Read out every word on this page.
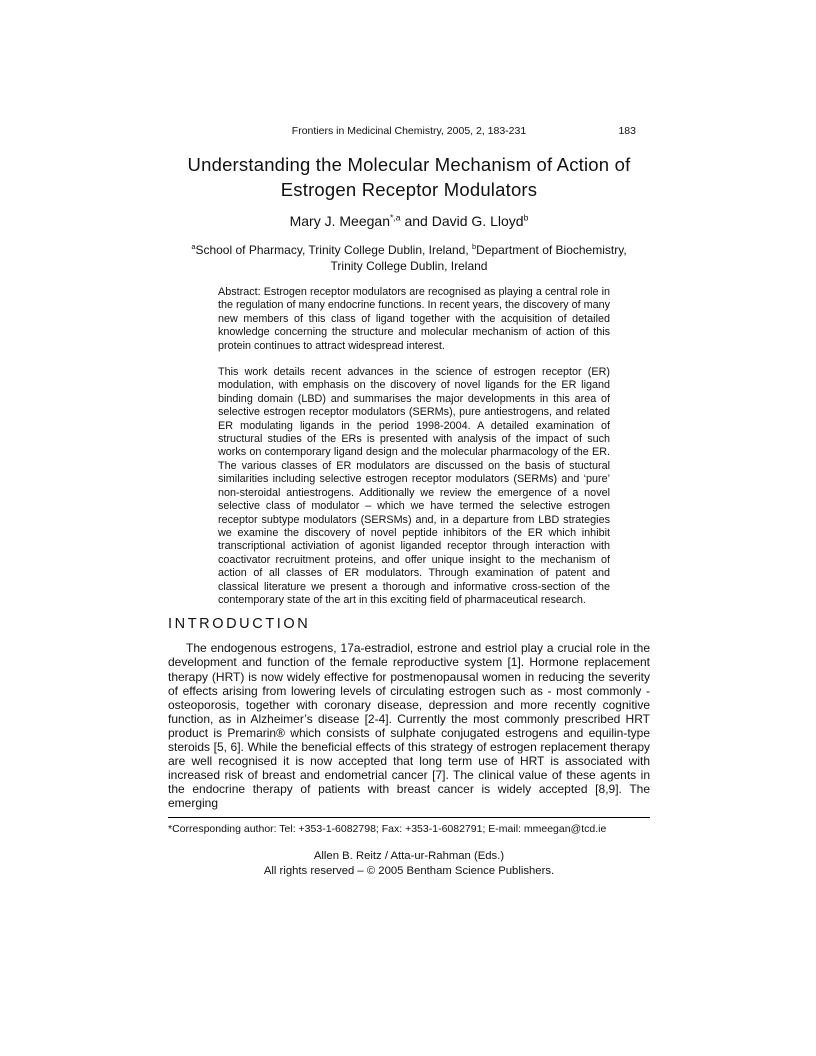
Frontiers in Medicinal Chemistry, 2005, 2, 183-231	183
Understanding the Molecular Mechanism of Action of
Estrogen Receptor Modulators
Mary J. Meegan$^{*,a}$ and David G. Lloyd$^b$
$^a$School of Pharmacy, Trinity College Dublin, Ireland, $^b$Department of Biochemistry,
Trinity College Dublin, Ireland

Abstract: Estrogen receptor modulators are recognised as playing a central role in the regulation of many endocrine functions. In recent years, the discovery of many new members of this class of ligand together with the acquisition of detailed knowledge concerning the structure and molecular mechanism of action of this protein continues to attract widespread interest.

This work details recent advances in the science of estrogen receptor (ER) modulation, with emphasis on the discovery of novel ligands for the ER ligand binding domain (LBD) and summarises the major developments in this area of selective estrogen receptor modulators (SERMs), pure antiestrogens, and related ER modulating ligands in the period 1998-2004. A detailed examination of structural studies of the ERs is presented with analysis of the impact of such works on contemporary ligand design and the molecular pharmacology of the ER. The various classes of ER modulators are discussed on the basis of stuctural similarities including selective estrogen receptor modulators (SERMs) and ‘pure’ non-steroidal antiestrogens. Additionally we review the emergence of a novel selective class of modulator – which we have termed the selective estrogen receptor subtype modulators (SERSMs) and, in a departure from LBD strategies we examine the discovery of novel peptide inhibitors of the ER which inhibit transcriptional activiation of agonist liganded receptor through interaction with coactivator recruitment proteins, and offer unique insight to the mechanism of action of all classes of ER modulators. Through examination of patent and classical literature we present a thorough and informative cross-section of the contemporary state of the art in this exciting field of pharmaceutical research.

INTRODUCTION

The endogenous estrogens, 17a-estradiol, estrone and estriol play a crucial role in the development and function of the female reproductive system [1]. Hormone replacement therapy (HRT) is now widely effective for postmenopausal women in reducing the severity of effects arising from lowering levels of circulating estrogen such as - most commonly - osteoporosis, together with coronary disease, depression and more recently cognitive function, as in Alzheimer’s disease [2-4]. Currently the most commonly prescribed HRT product is Premarin® which consists of sulphate conjugated estrogens and equilin-type steroids [5, 6]. While the beneficial effects of this strategy of estrogen replacement therapy are well recognised it is now accepted that long term use of HRT is associated with increased risk of breast and endometrial cancer [7]. The clinical value of these agents in the endocrine therapy of patients with breast cancer is widely accepted [8,9]. The emerging

*Corresponding author: Tel: +353-1-6082798; Fax: +353-1-6082791; E-mail: mmeegan@tcd.ie
Allen B. Reitz / Atta-ur-Rahman (Eds.)
All rights reserved – © 2005 Bentham Science Publishers.
